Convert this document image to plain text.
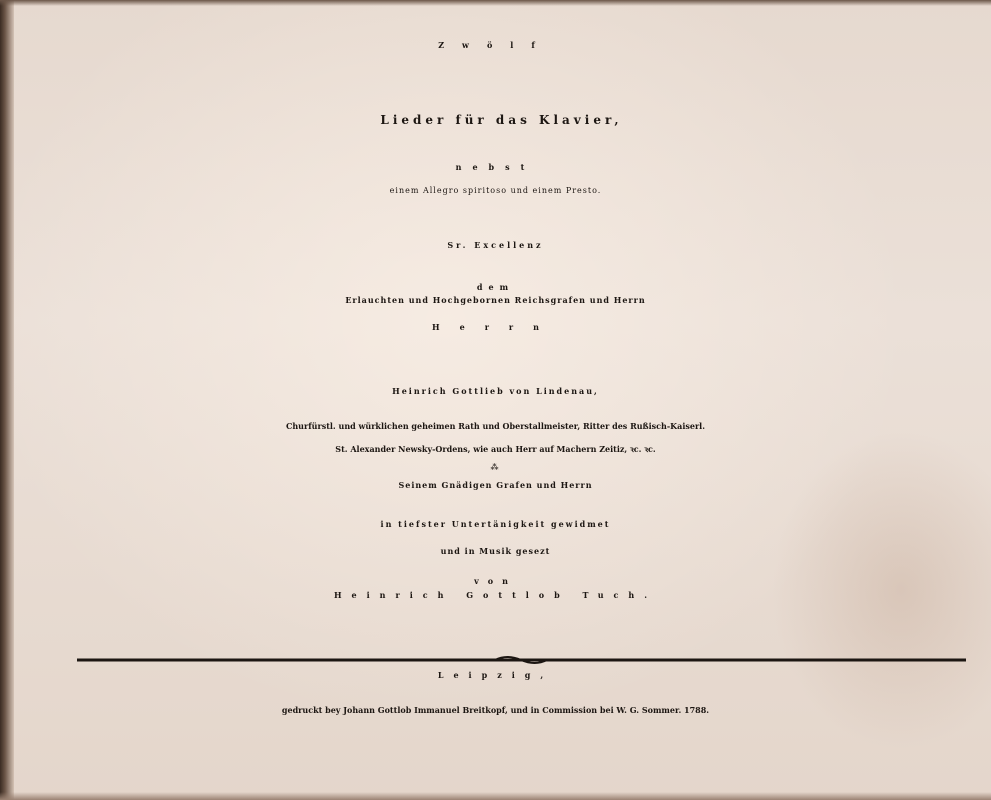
Zwölf
Lieder für das Klavier,
nebst
einem Allegro spiritoso und einem Presto.
Sr. Excellenz
dem
Erlauchten und Hochgebornen Reichsgrafen und Herrn
Herrn
Heinrich Gottlieb von Lindenau,
Churfürstl. und würklichen geheimen Rath und Oberstallmeister, Ritter des Rußisch-Kaiserl.
St. Alexander Newsky-Ordens, wie auch Herr auf Machern Zeitiz, ꝛc. ꝛc.
⁂
Seinem Gnädigen Grafen und Herrn
in tiefster Untertänigkeit gewidmet
und in Musik gesezt
von
Heinrich Gottlob Tuch.
Leipzig,
gedruckt bey Johann Gottlob Immanuel Breitkopf, und in Commission bei W. G. Sommer. 1788.
